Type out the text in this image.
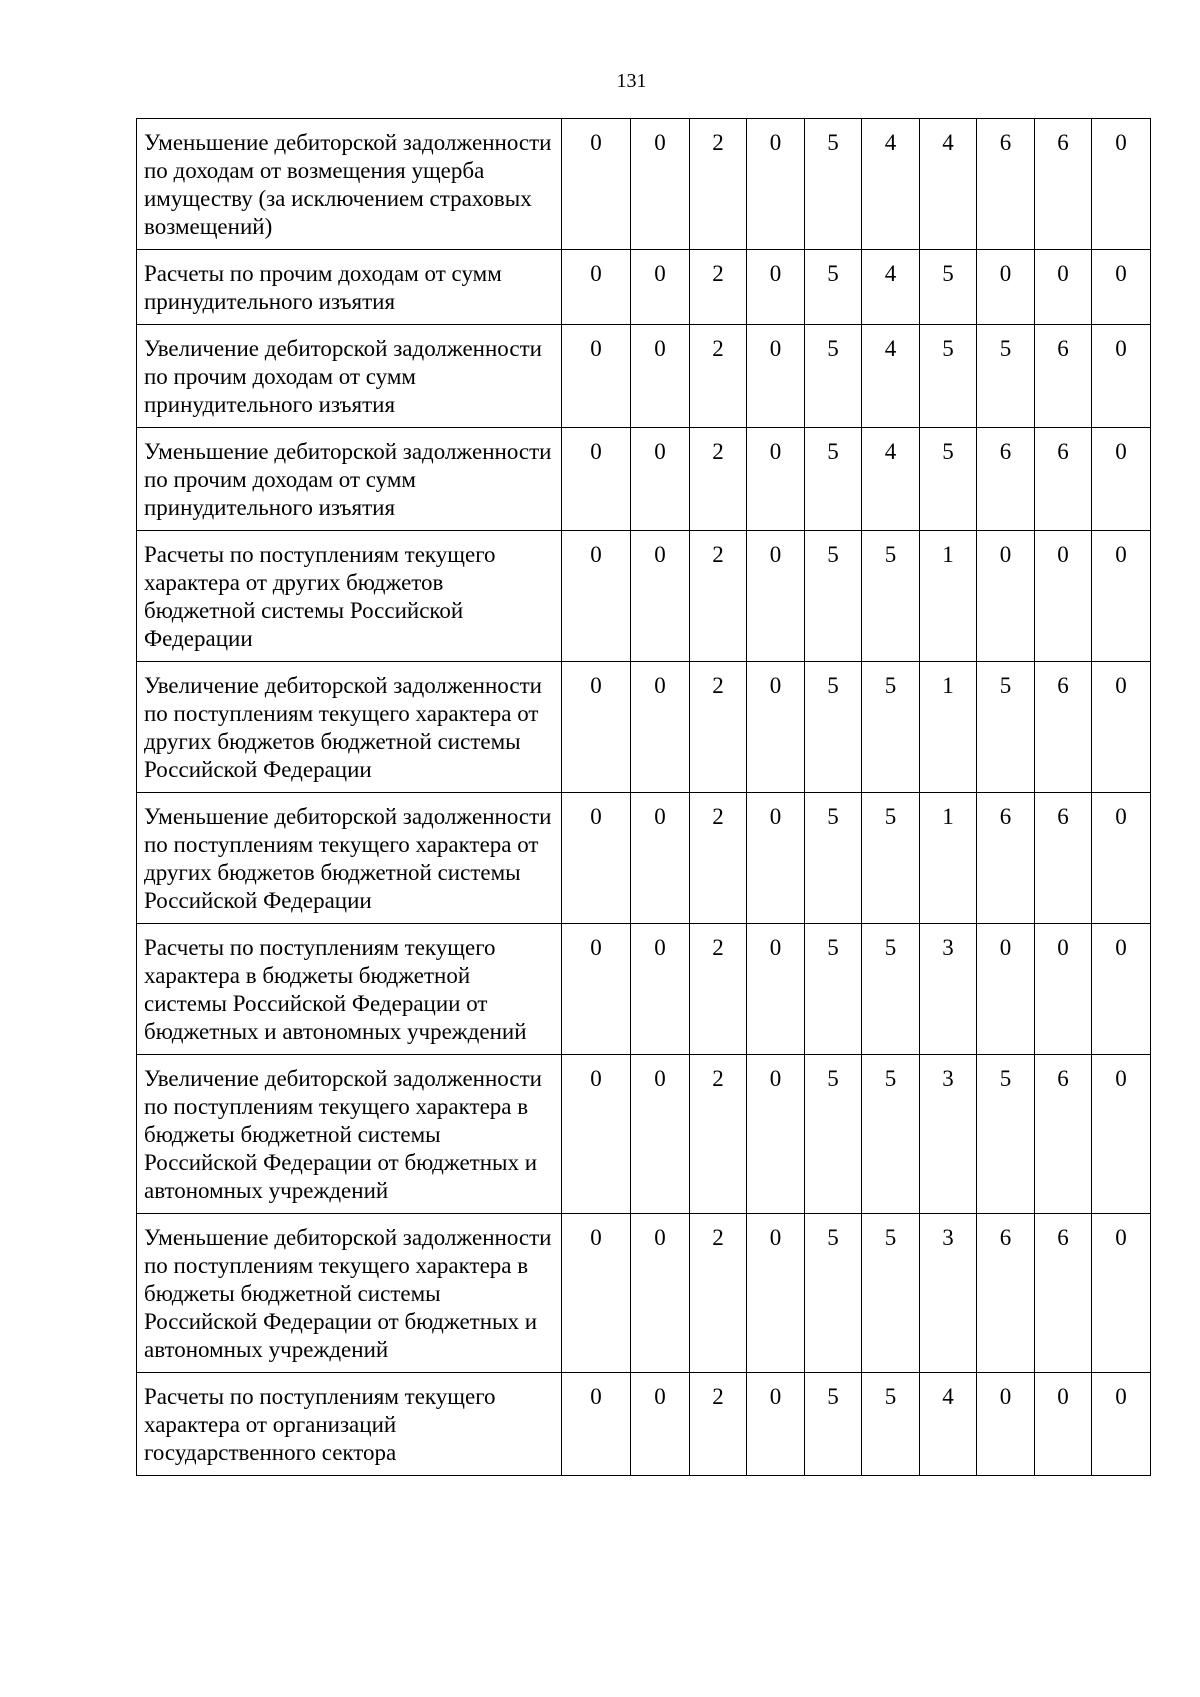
131
Уменьшение дебиторской задолженности по доходам от возмещения ущерба имуществу (за исключением страховых возмещений)	0	0	2	0	5	4	4	6	6	0
Расчеты по прочим доходам от сумм принудительного изъятия	0	0	2	0	5	4	5	0	0	0
Увеличение дебиторской задолженности по прочим доходам от сумм принудительного изъятия	0	0	2	0	5	4	5	5	6	0
Уменьшение дебиторской задолженности по прочим доходам от сумм принудительного изъятия	0	0	2	0	5	4	5	6	6	0
Расчеты по поступлениям текущего характера от других бюджетов бюджетной системы Российской Федерации	0	0	2	0	5	5	1	0	0	0
Увеличение дебиторской задолженности по поступлениям текущего характера от других бюджетов бюджетной системы Российской Федерации	0	0	2	0	5	5	1	5	6	0
Уменьшение дебиторской задолженности по поступлениям текущего характера от других бюджетов бюджетной системы Российской Федерации	0	0	2	0	5	5	1	6	6	0
Расчеты по поступлениям текущего характера в бюджеты бюджетной системы Российской Федерации от бюджетных и автономных учреждений	0	0	2	0	5	5	3	0	0	0
Увеличение дебиторской задолженности по поступлениям текущего характера в бюджеты бюджетной системы Российской Федерации от бюджетных и автономных учреждений	0	0	2	0	5	5	3	5	6	0
Уменьшение дебиторской задолженности по поступлениям текущего характера в бюджеты бюджетной системы Российской Федерации от бюджетных и автономных учреждений	0	0	2	0	5	5	3	6	6	0
Расчеты по поступлениям текущего характера от организаций государственного сектора	0	0	2	0	5	5	4	0	0	0
